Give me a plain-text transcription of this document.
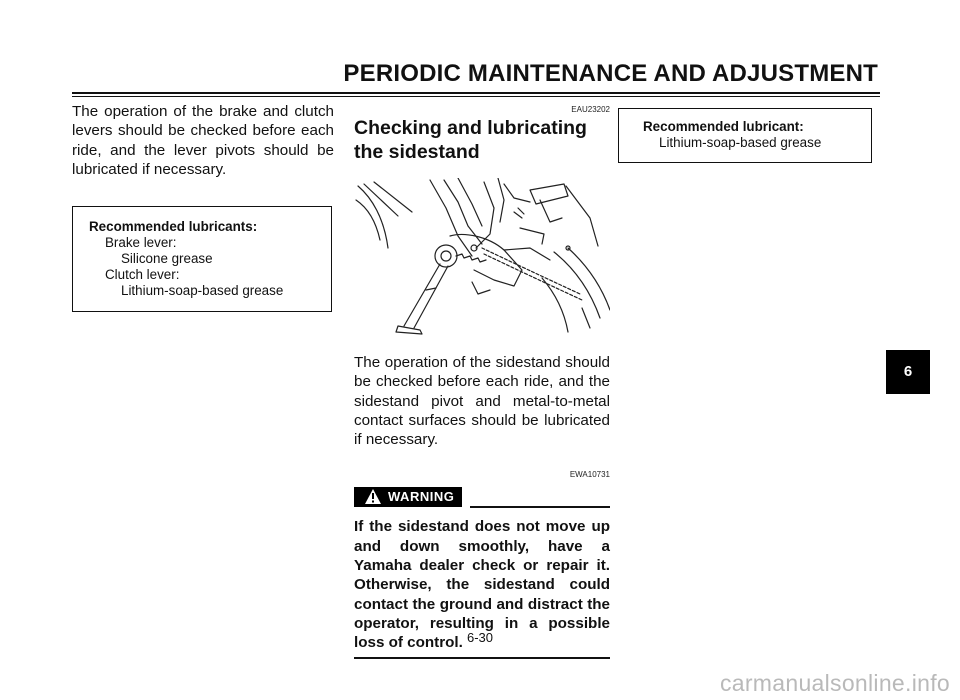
PERIODIC MAINTENANCE AND ADJUSTMENT

The operation of the brake and clutch levers should be checked before each ride, and the lever pivots should be lubricated if necessary.

Recommended lubricants:
Brake lever:
Silicone grease
Clutch lever:
Lithium-soap-based grease
EAU23202
Checking and lubricating the sidestand

The operation of the sidestand should be checked before each ride, and the sidestand pivot and metal-to-metal contact surfaces should be lubricated if necessary.

EWA10731
WARNING

If the sidestand does not move up and down smoothly, have a Yamaha dealer check or repair it. Otherwise, the sidestand could contact the ground and distract the operator, resulting in a possible loss of control.

Recommended lubricant:
Lithium-soap-based grease
6-30
6
carmanualsonline.info
